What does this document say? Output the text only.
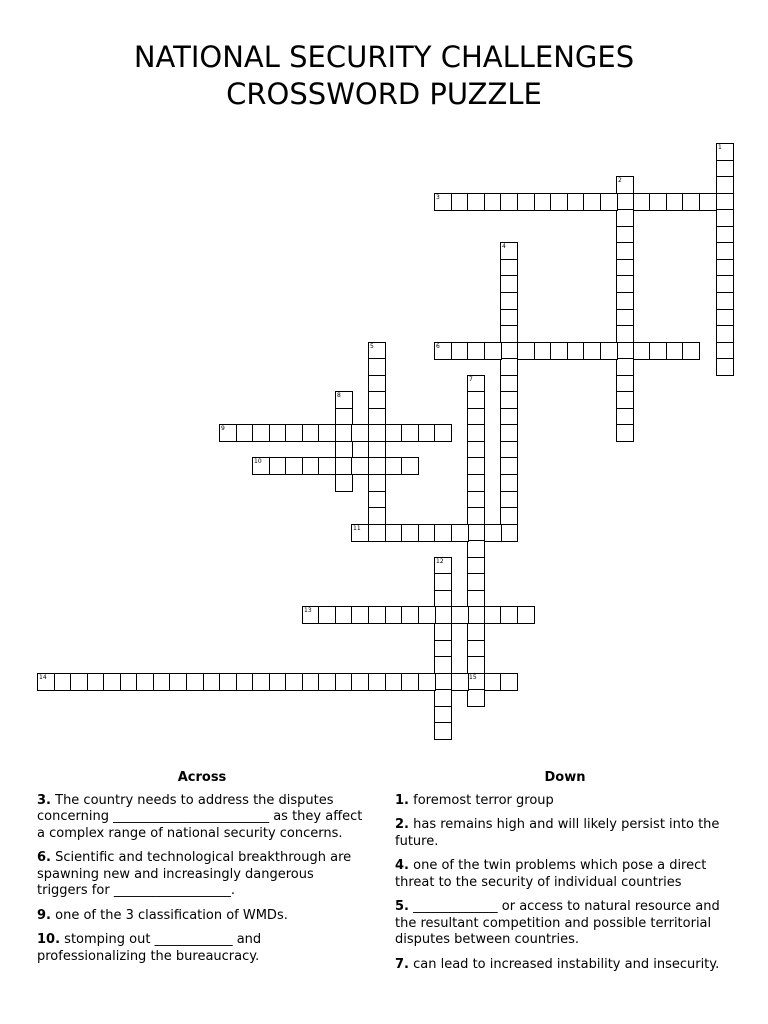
NATIONAL SECURITY CHALLENGES
CROSSWORD PUZZLE
1
2
3
4
5	6
7
15
8
9
10
11
12
13
14
Across
3. The country needs to address the disputes concerning ________________________ as they affect a complex range of national security concerns.
6. Scientific and technological breakthrough are spawning new and increasingly dangerous triggers for __________________.
9. one of the 3 classification of WMDs.
10. stomping out ____________ and professionalizing the bureaucracy.
Down
1. foremost terror group
2. has remains high and will likely persist into the future.
4. one of the twin problems which pose a direct threat to the security of individual countries
5. _____________ or access to natural resource and the resultant competition and possible territorial disputes between countries.
7. can lead to increased instability and insecurity.
